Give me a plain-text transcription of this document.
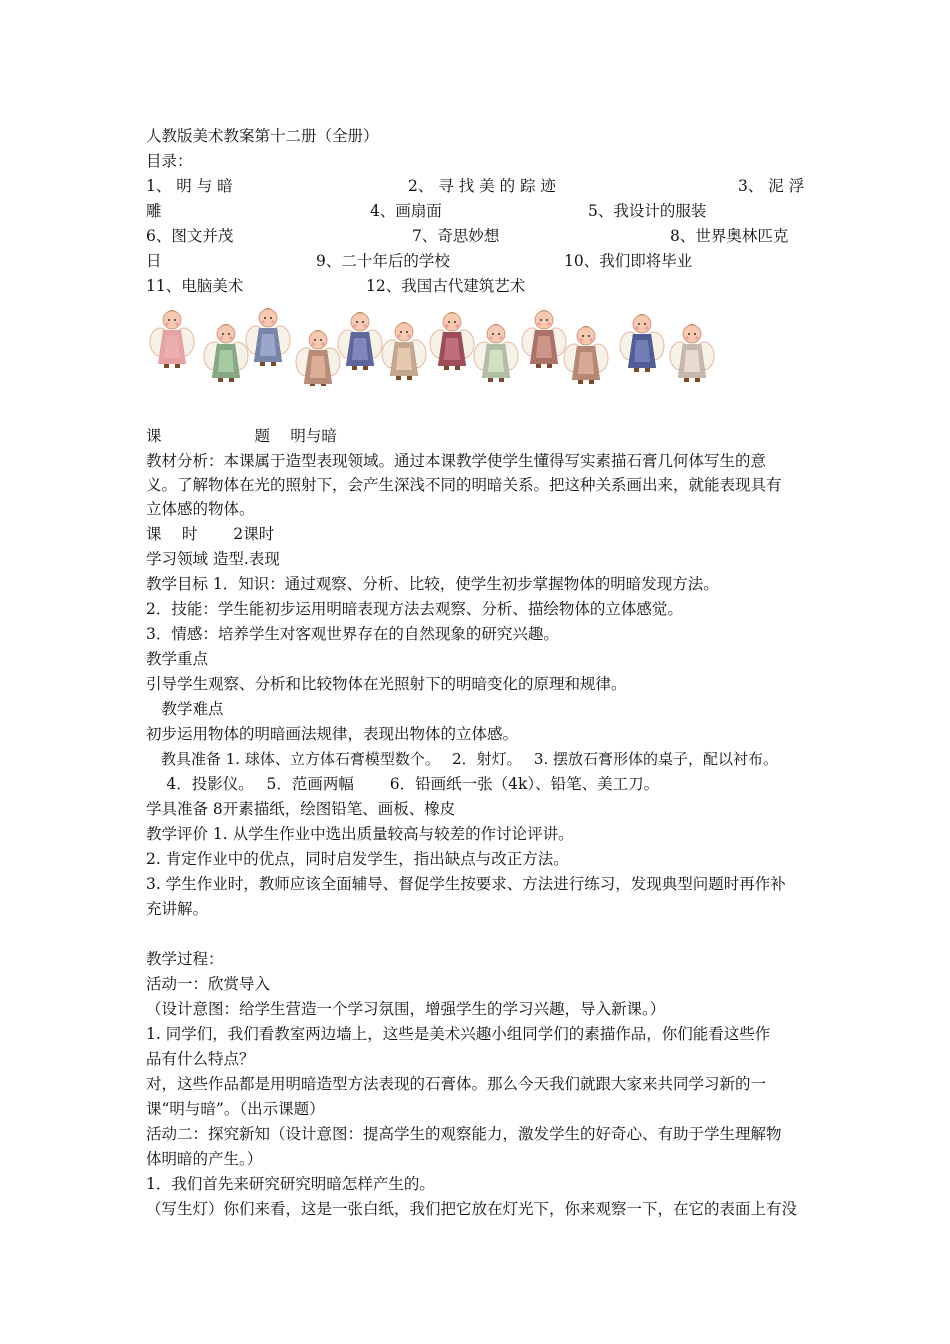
人教版美术教案第十二册（全册）
目录：
1、 明 与 暗	2、 寻 找 美 的 踪 迹	3、 泥 浮
雕	4、画扇面	5、我设计的服装
6、图文并茂	7、奇思妙想	8、世界奥林匹克
日	9、二十年后的学校	10、我们即将毕业
11、电脑美术	12、我国古代建筑艺术
课　　　　　　题　 明与暗
教材分析：本课属于造型表现领域。通过本课教学使学生懂得写实素描石膏几何体写生的意
义。了解物体在光的照射下，会产生深浅不同的明暗关系。把这种关系画出来，就能表现具有
立体感的物体。
课　 时　　 2课时
学习领域 造型.表现
教学目标 1．知识：通过观察、分析、比较，使学生初步掌握物体的明暗发现方法。
2．技能：学生能初步运用明暗表现方法去观察、分析、描绘物体的立体感觉。
3．情感：培养学生对客观世界存在的自然现象的研究兴趣。
教学重点
引导学生观察、分析和比较物体在光照射下的明暗变化的原理和规律。
　教学难点
初步运用物体的明暗画法规律，表现出物体的立体感。
　教具准备 1. 球体、立方体石膏模型数个。　 2．射灯。　 3. 摆放石膏形体的桌子，配以衬布。
　 4．投影仪。　 5．范画两幅　　 6．铅画纸一张（4k）、铅笔、美工刀。
学具准备 8开素描纸，绘图铅笔、画板、橡皮
教学评价 1. 从学生作业中选出质量较高与较差的作讨论评讲。
2. 肯定作业中的优点，同时启发学生，指出缺点与改正方法。
3. 学生作业时，教师应该全面辅导、督促学生按要求、方法进行练习，发现典型问题时再作补
充讲解。
教学过程：
活动一：欣赏导入
（设计意图：给学生营造一个学习氛围，增强学生的学习兴趣，导入新课。）
1. 同学们，我们看教室两边墙上，这些是美术兴趣小组同学们的素描作品，你们能看这些作
品有什么特点？
对，这些作品都是用明暗造型方法表现的石膏体。那么今天我们就跟大家来共同学习新的一
课“明与暗”。（出示课题）
活动二：探究新知（设计意图：提高学生的观察能力，激发学生的好奇心、有助于学生理解物
体明暗的产生。）
1．我们首先来研究研究明暗怎样产生的。
（写生灯）你们来看，这是一张白纸，我们把它放在灯光下，你来观察一下，在它的表面上有没
